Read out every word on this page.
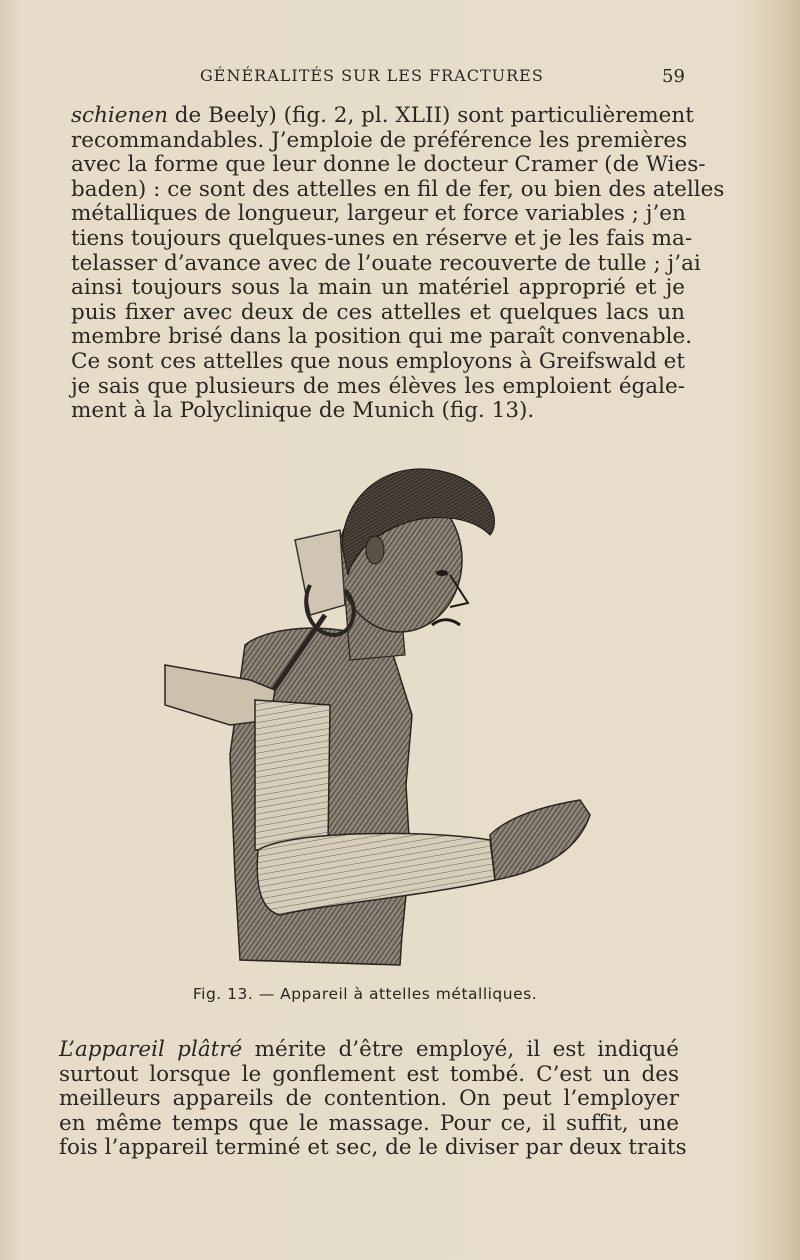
GÉNÉRALITÉS SUR LES FRACTURES	59
schienen de Beely) (fig. 2, pl. XLII) sont particulièrement
recommandables. J’emploie de préférence les premières
avec la forme que leur donne le docteur Cramer (de Wies-
baden) : ce sont des attelles en fil de fer, ou bien des atelles
métalliques de longueur, largeur et force variables ; j’en
tiens toujours quelques-unes en réserve et je les fais ma-
telasser d’avance avec de l’ouate recouverte de tulle ; j’ai
ainsi toujours sous la main un matériel approprié et je
puis fixer avec deux de ces attelles et quelques lacs un
membre brisé dans la position qui me paraît convenable.
Ce sont ces attelles que nous employons à Greifswald et
je sais que plusieurs de mes élèves les emploient égale-
ment à la Polyclinique de Munich (fig. 13).
Fig. 13. — Appareil à attelles métalliques.
L’appareil plâtré mérite d’être employé, il est indiqué
surtout lorsque le gonflement est tombé. C’est un des
meilleurs appareils de contention. On peut l’employer
en même temps que le massage. Pour ce, il suffit, une
fois l’appareil terminé et sec, de le diviser par deux traits
